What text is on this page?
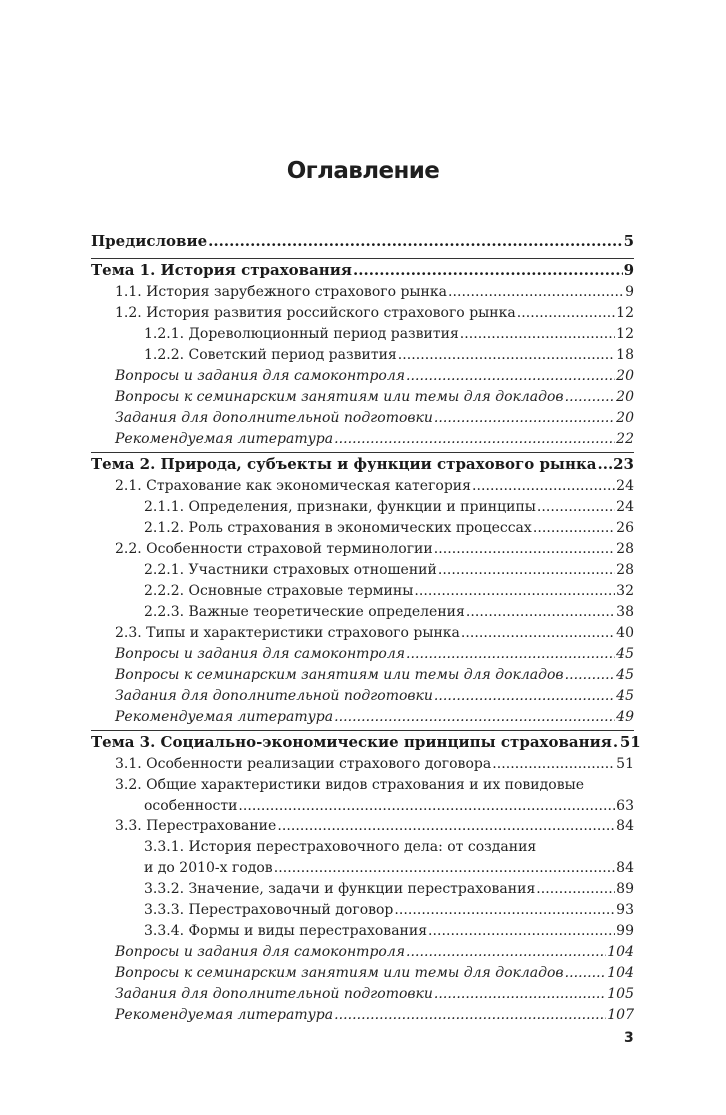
Оглавление
Предисловие . . .	5
Тема 1. История страхования . . .	9
1.1. История зарубежного страхового рынка . . .	9
1.2. История развития российского страхового рынка . . .	12
1.2.1. Дореволюционный период развития . . .	12
1.2.2. Советский период развития . . .	18
Вопросы и задания для самоконтроля . . .	20
Вопросы к семинарским занятиям или темы для докладов . . .	20
Задания для дополнительной подготовки . . .	20
Рекомендуемая литература . . .	22
Тема 2. Природа, субъекты и функции страхового рынка . . . 23
2.1. Страхование как экономическая категория . . .	24
2.1.1. Определения, признаки, функции и принципы . . .	24
2.1.2. Роль страхования в экономических процессах . . .	26
2.2. Особенности страховой терминологии . . .	28
2.2.1. Участники страховых отношений . . .	28
2.2.2. Основные страховые термины . . .	32
2.2.3. Важные теоретические определения . . .	38
2.3. Типы и характеристики страхового рынка . . .	40
Вопросы и задания для самоконтроля . . .	45
Вопросы к семинарским занятиям или темы для докладов . . .	45
Задания для дополнительной подготовки . . .	45
Рекомендуемая литература . . .	49
Тема 3. Социально-экономические принципы страхования . . . 51
3.1. Особенности реализации страхового договора . . .	51
3.2. Общие характеристики видов страхования и их повидовые
особенности . . .	63
3.3. Перестрахование . . .	84
3.3.1. История перестраховочного дела: от создания
и до 2010-х годов . . .	84
3.3.2. Значение, задачи и функции перестрахования . . .	89
3.3.3. Перестраховочный договор . . .	93
3.3.4. Формы и виды перестрахования . . .	99
Вопросы и задания для самоконтроля . . .	104
Вопросы к семинарским занятиям или темы для докладов . . .	104
Задания для дополнительной подготовки . . .	105
Рекомендуемая литература . . .	107
3
